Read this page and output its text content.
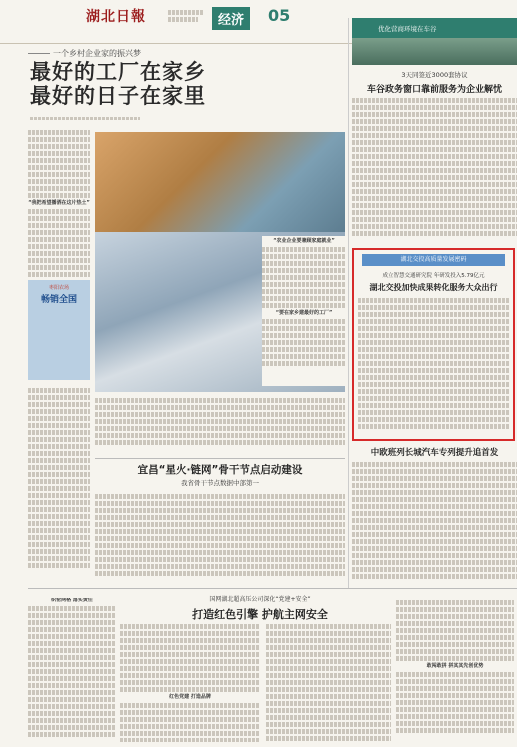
湖北日報	经济	05
一个乡村企业家的振兴梦
最好的工厂在家乡
最好的日子在家里
“我把希望播洒在这片热土”
“农业企业要兼顾家庭就业”
“要在家乡建最好的工厂”
枣阳农场
畅销全国
优化营商环境在车谷
3天同签近3000套协议
车谷政务窗口靠前服务为企业解忧
湖北交投高质量发展密码
成立智慧交通研究院 年研发投入5.79亿元
湖北交投加快成果转化服务大众出行
中欧班列长城汽车专列提升追首发
宜昌“星火·链网”骨干节点启动建设
我省骨干节点数据中部第一
国网湖北超高压公司深化“党建+安全”
打造红色引擎 护航主网安全
织密网格 落实责任
红色党建 打造品牌
敢闯敢拼 拼其其先创优势
